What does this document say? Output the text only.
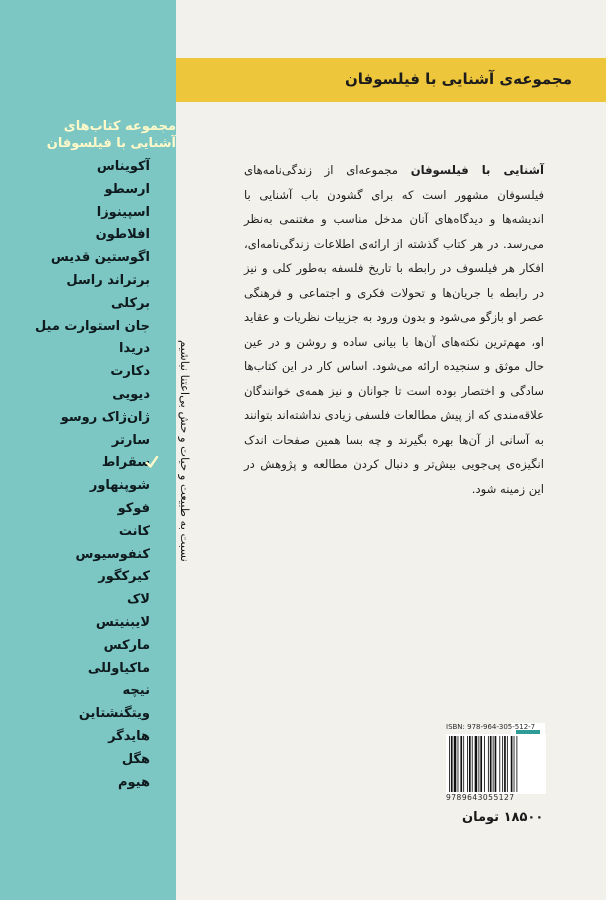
مجموعه کتاب‌های
آشنایی با فیلسوفان
آکویناس
ارسطو
اسپینوزا
افلاطون
اگوستین قدیس
برتراند راسل
برکلی
جان استوارت میل
دریدا
دکارت
دیویی
ژان‌ژاک روسو
سارتر
سقراط
شوپنهاور
فوکو
کانت
کنفوسیوس
کیرکگور
لاک
لایبنیتس
مارکس
ماکیاوللی
نیچه
ویتگنشتاین
هایدگر
هگل
هیوم
نسبت به طبیعت و حیات و حش بی‌اعتنا نباشیم
مجموعه‌ی آشنایی با فیلسوفان
آشنایی با فیلسوفان مجموعه‌ای از زندگی‌نامه‌های فیلسوفان مشهور است که برای گشودن باب آشنایی با اندیشه‌ها و دیدگاه‌های آنان مدخل مناسب و مغتنمی به‌نظر می‌رسد. در هر کتاب گذشته از ارائه‌ی اطلاعات زندگی‌نامه‌ای، افکار هر فیلسوف در رابطه با تاریخ فلسفه به‌طور کلی و نیز در رابطه با جریان‌ها و تحولات فکری و اجتماعی و فرهنگی عصر او بازگو می‌شود و بدون ورود به جزییات نظریات و عقاید او، مهم‌ترین نکته‌های آن‌ها با بیانی ساده و روشن و در عین حال موثق و سنجیده ارائه می‌شود. اساس کار در این کتاب‌ها سادگی و اختصار بوده است تا جوانان و نیز همه‌ی خوانندگان علاقه‌مندی که از پیش مطالعات فلسفی زیادی نداشته‌اند بتوانند به آسانی از آن‌ها بهره بگیرند و چه بسا همین صفحات اندک انگیزه‌ی پی‌جویی بیش‌تر و دنبال کردن مطالعه و پژوهش در این زمینه شود.
ISBN: 978-964-305-512-7
9789643055127
۱۸۵۰۰ تومان
